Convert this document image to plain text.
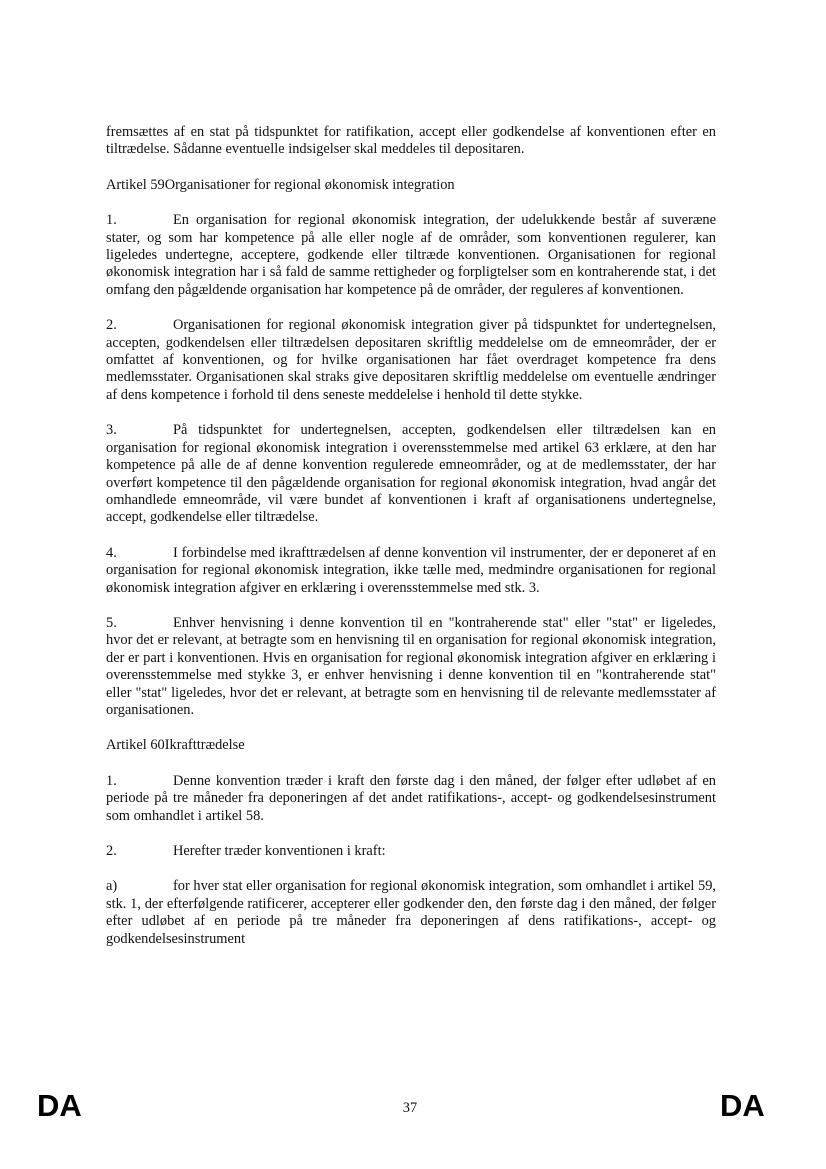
fremsættes af en stat på tidspunktet for ratifikation, accept eller godkendelse af konventionen efter en tiltrædelse. Sådanne eventuelle indsigelser skal meddeles til depositaren.

Artikel 59Organisationer for regional økonomisk integration

1.	En organisation for regional økonomisk integration, der udelukkende består af suveræne stater, og som har kompetence på alle eller nogle af de områder, som konventionen regulerer, kan ligeledes undertegne, acceptere, godkende eller tiltræde konventionen. Organisationen for regional økonomisk integration har i så fald de samme rettigheder og forpligtelser som en kontraherende stat, i det omfang den pågældende organisation har kompetence på de områder, der reguleres af konventionen.

2.	Organisationen for regional økonomisk integration giver på tidspunktet for undertegnelsen, accepten, godkendelsen eller tiltrædelsen depositaren skriftlig meddelelse om de emneområder, der er omfattet af konventionen, og for hvilke organisationen har fået overdraget kompetence fra dens medlemsstater. Organisationen skal straks give depositaren skriftlig meddelelse om eventuelle ændringer af dens kompetence i forhold til dens seneste meddelelse i henhold til dette stykke.

3.	På tidspunktet for undertegnelsen, accepten, godkendelsen eller tiltrædelsen kan en organisation for regional økonomisk integration i overensstemmelse med artikel 63 erklære, at den har kompetence på alle de af denne konvention regulerede emneområder, og at de medlemsstater, der har overført kompetence til den pågældende organisation for regional økonomisk integration, hvad angår det omhandlede emneområde, vil være bundet af konventionen i kraft af organisationens undertegnelse, accept, godkendelse eller tiltrædelse.

4.	I forbindelse med ikrafttrædelsen af denne konvention vil instrumenter, der er deponeret af en organisation for regional økonomisk integration, ikke tælle med, medmindre organisationen for regional økonomisk integration afgiver en erklæring i overensstemmelse med stk. 3.

5.	Enhver henvisning i denne konvention til en "kontraherende stat" eller "stat" er ligeledes, hvor det er relevant, at betragte som en henvisning til en organisation for regional økonomisk integration, der er part i konventionen. Hvis en organisation for regional økonomisk integration afgiver en erklæring i overensstemmelse med stykke 3, er enhver henvisning i denne konvention til en "kontraherende stat" eller "stat" ligeledes, hvor det er relevant, at betragte som en henvisning til de relevante medlemsstater af organisationen.

Artikel 60Ikrafttrædelse

1.	Denne konvention træder i kraft den første dag i den måned, der følger efter udløbet af en periode på tre måneder fra deponeringen af det andet ratifikations-, accept- og godkendelsesinstrument som omhandlet i artikel 58.

2.	Herefter træder konventionen i kraft:

a)	for hver stat eller organisation for regional økonomisk integration, som omhandlet i artikel 59, stk. 1, der efterfølgende ratificerer, accepterer eller godkender den, den første dag i den måned, der følger efter udløbet af en periode på tre måneder fra deponeringen af dens ratifikations-, accept- og godkendelsesinstrument

DA	37	DA
